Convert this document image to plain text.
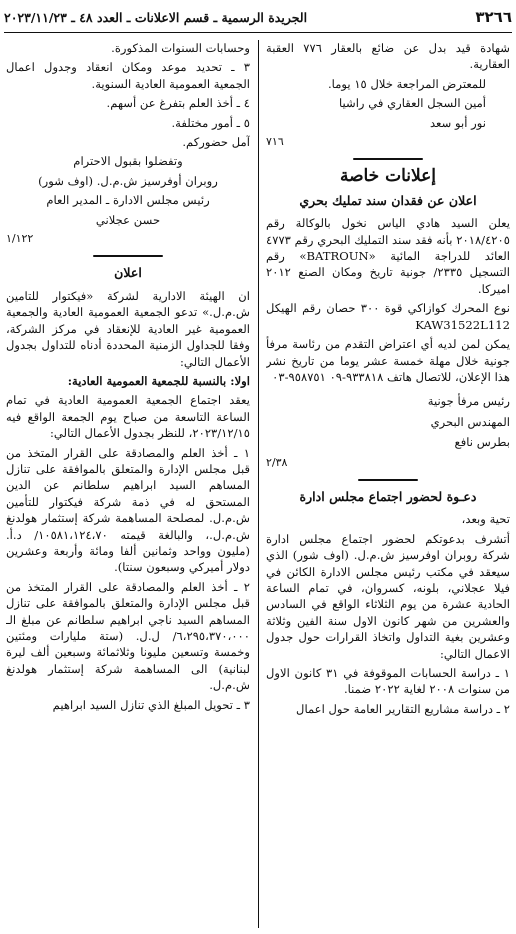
٣٢٦٦
الجريدة الرسمية ـ قسم الاعلانات ـ العدد ٤٨ ـ ٢٠٢٣/١١/٢٣

شهادة قيد بدل عن ضائع بالعقار ٧٧٦ العقبة العقارية.

للمعترض المراجعة خلال ١٥ يوما.

أمين السجل العقاري في راشيا

نور أبو سعد

٧١٦

إعلانات خاصة
اعلان عن فقدان سند تمليك بحري

يعلن السيد هادي الياس نخول بالوكالة رقم ٢٠١٨/٤٢٠٥ بأنه فقد سند التمليك البحري رقم ٤٧٧٣ العائد للدراجة المائية «BATROUN» رقم التسجيل ٢٣٣٥/ جونية تاريخ ومكان الصنع ٢٠١٢ اميركا.

نوع المحرك كوازاكي قوة ٣٠٠ حصان رقم الهيكل KAW31522L112

يمكن لمن لديه أي اعتراض التقدم من رئاسة مرفأ جونية خلال مهلة خمسة عشر يوما من تاريخ نشر هذا الإعلان، للاتصال هاتف ٩٣٣٨١٨-٠٩ ٩٥٨٧٥١-٠٣

رئيس مرفأ جونية

المهندس البحري

بطرس نافع

٢/٣٨

دعـوة لحضور اجتماع مجلس ادارة

تحية وبعد،

أتشرف بدعوتكم لحضور اجتماع مجلس ادارة شركة روبران اوفرسيز ش.م.ل. (اوف شور) الذي سيعقد في مكتب رئيس مجلس الادارة الكائن في فيلا عجلاني، بلونه، كسروان، في تمام الساعة الحادية عشرة من يوم الثلاثاء الواقع في السادس والعشرين من شهر كانون الاول سنة الفين وثلاثة وعشرين بغية التداول واتخاذ القرارات حول جدول الاعمال التالي:

١ ـ دراسة الحسابات الموقوفة في ٣١ كانون الاول من سنوات ٢٠٠٨ لغاية ٢٠٢٢ ضمنا.

٢ ـ دراسة مشاريع التقارير العامة حول اعمال

وحسابات السنوات المذكورة.

٣ ـ تحديد موعد ومكان انعقاد وجدول اعمال الجمعية العمومية العادية السنوية.

٤ ـ أخذ العلم بتفرغ عن أسهم.

٥ ـ أمور مختلفة.

آمل حضوركم.

وتفضلوا بقبول الاحترام

روبران أوفرسيز ش.م.ل. (اوف شور)

رئيس مجلس الادارة ـ المدير العام

حسن عجلاني

١/١٢٢

اعلان

ان الهيئة الادارية لشركة «فيكتوار للتامين ش.م.ل.» تدعو الجمعية العمومية العادية والجمعية العمومية غير العادية للإنعقاد في مركز الشركة، وفقا للجداول الزمنية المحددة أدناه للتداول بجدول الأعمال التالي:

اولا: بالنسبة للجمعية العمومية العادية:

يعقد اجتماع الجمعية العمومية العادية في تمام الساعة التاسعة من صباح يوم الجمعة الواقع فيه ٢٠٢٣/١٢/١٥، للنظر بجدول الأعمال التالي:

١ ـ أخذ العلم والمصادقة على القرار المتخذ من قبل مجلس الإدارة والمتعلق بالموافقة على تنازل المساهم السيد ابراهيم سلطانم عن الدين المستحق له في ذمة شركة فيكتوار للتأمين ش.م.ل. لمصلحة المساهمة شركة إستثمار هولدنغ ش.م.ل.، والبالغة قيمته ١٠٥٨١،١٢٤،٧٠/ د.أ. (مليون وواحد وثمانين ألفا ومائة وأربعة وعشرين دولار أميركي وسبعون سنتا).

٢ ـ أخذ العلم والمصادقة على القرار المتخذ من قبل مجلس الإدارة والمتعلق بالموافقة على تنازل المساهم السيد ناجي ابراهيم سلطانم عن مبلغ الـ ٦،٢٩٥،٣٧٠،٠٠٠/ ل.ل. (ستة مليارات ومئتين وخمسة وتسعين مليونا وثلاثمائة وسبعين ألف ليرة لبنانية) الى المساهمة شركة إستثمار هولدنغ ش.م.ل.

٣ ـ تحويل المبلغ الذي تنازل السيد ابراهيم
